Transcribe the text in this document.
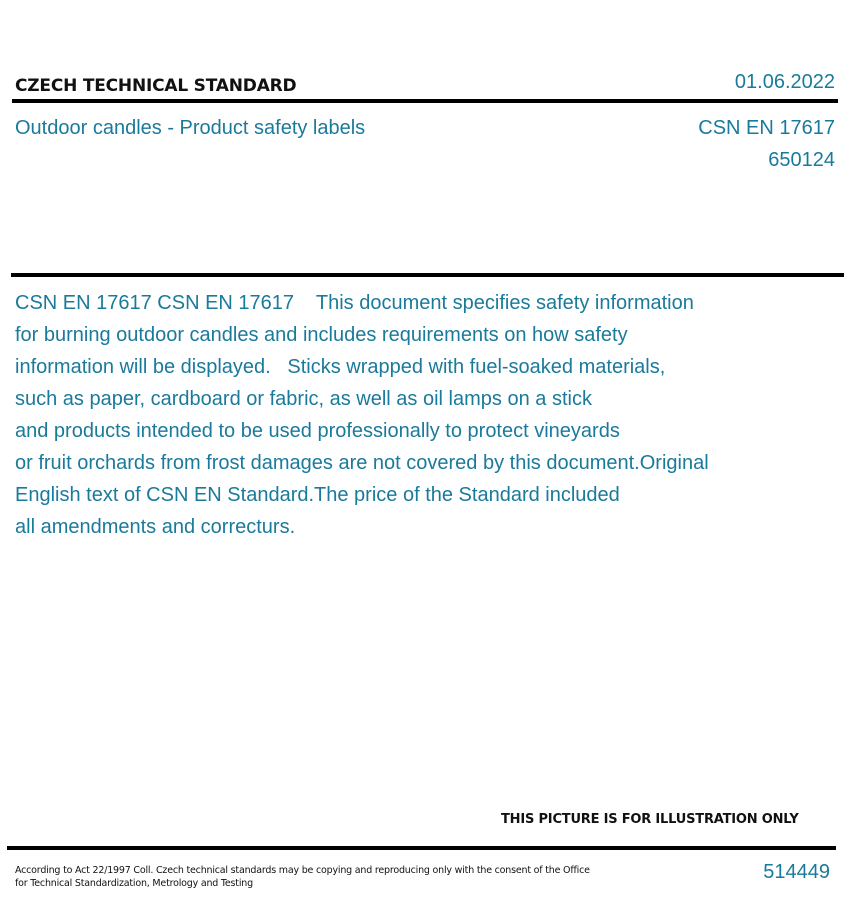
CZECH TECHNICAL STANDARD	01.06.2022
Outdoor candles - Product safety labels	CSN EN 17617
650124
CSN EN 17617 CSN EN 17617    This document specifies safety information
for burning outdoor candles and includes requirements on how safety
information will be displayed.   Sticks wrapped with fuel-soaked materials,
such as paper, cardboard or fabric, as well as oil lamps on a stick
and products intended to be used professionally to protect vineyards
or fruit orchards from frost damages are not covered by this document.Original
English text of CSN EN Standard.The price of the Standard included
all amendments and correcturs.
THIS PICTURE IS FOR ILLUSTRATION ONLY
According to Act 22/1997 Coll. Czech technical standards may be copying and reproducing only with the consent of the Office
for Technical Standardization, Metrology and Testing
514449
